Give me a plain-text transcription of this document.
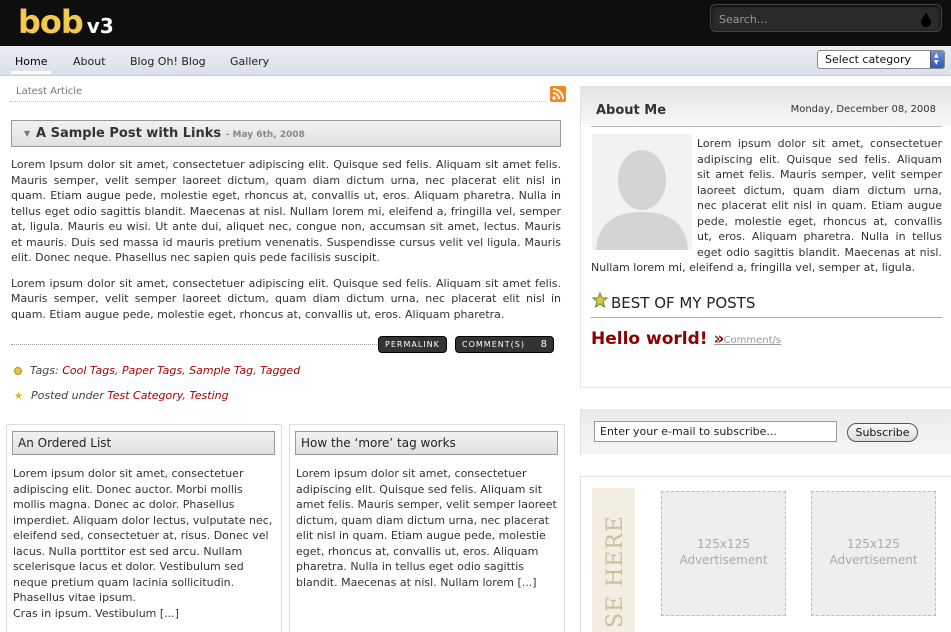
bob v3
Search...
Home About Blog Oh! Blog Gallery	Select category	▲
▼
Latest Article
▼ A Sample Post with Links - May 6th, 2008

Lorem Ipsum dolor sit amet, consectetuer adipiscing elit. Quisque sed felis. Aliquam sit amet felis. Mauris semper, velit semper laoreet dictum, quam diam dictum urna, nec placerat elit nisl in quam. Etiam augue pede, molestie eget, rhoncus at, convallis ut, eros. Aliquam pharetra. Nulla in tellus eget odio sagittis blandit. Maecenas at nisl. Nullam lorem mi, eleifend a, fringilla vel, semper at, ligula. Mauris eu wisi. Ut ante dui, aliquet nec, congue non, accumsan sit amet, lectus. Mauris et mauris. Duis sed massa id mauris pretium venenatis. Suspendisse cursus velit vel ligula. Mauris elit. Donec neque. Phasellus nec sapien quis pede facilisis suscipit.

Lorem ipsum dolor sit amet, consectetuer adipiscing elit. Quisque sed felis. Aliquam sit amet felis. Mauris semper, velit semper laoreet dictum, quam diam dictum urna, nec placerat elit nisl in quam. Etiam augue pede, molestie eget, rhoncus at, convallis ut, eros. Aliquam pharetra.

PERMALINK	COMMENT(S) 8
Tags: Cool Tags, Paper Tags, Sample Tag, Tagged
★ Posted under Test Category, Testing
An Ordered List
Lorem ipsum dolor sit amet, consectetuer adipiscing elit. Donec auctor. Morbi mollis mollis magna. Donec ac dolor. Phasellus imperdiet. Aliquam dolor lectus, vulputate nec, eleifend sed, consectetuer at, risus. Donec vel lacus. Nulla porttitor est sed arcu. Nullam scelerisque lacus et dolor. Vestibulum sed neque pretium quam lacinia sollicitudin. Phasellus vitae ipsum.
Cras in ipsum. Vestibulum [...]
How the ‘more’ tag works
Lorem ipsum dolor sit amet, consectetuer adipiscing elit. Quisque sed felis. Aliquam sit amet felis. Mauris semper, velit semper laoreet dictum, quam diam dictum urna, nec placerat elit nisl in quam. Etiam augue pede, molestie eget, rhoncus at, convallis ut, eros. Aliquam pharetra. Nulla in tellus eget odio sagittis blandit. Maecenas at nisl. Nullam lorem [...]
About Me	Monday, December 08, 2008
Lorem ipsum dolor sit amet, consectetuer adipiscing elit. Quisque sed felis. Aliquam sit amet felis. Mauris semper, velit semper laoreet dictum, quam diam dictum urna, nec placerat elit nisl in quam. Etiam augue pede, molestie eget, rhoncus at, convallis ut, eros. Aliquam pharetra. Nulla in tellus eget odio sagittis blandit. Maecenas at nisl. Nullam lorem mi, eleifend a, fringilla vel, semper at, ligula.
BEST OF MY POSTS
Hello world! »
1 Comment/s
Enter your e-mail to subscribe...
Subscribe
SE HERE	125x125
Advertisement
125x125
Advertisement
